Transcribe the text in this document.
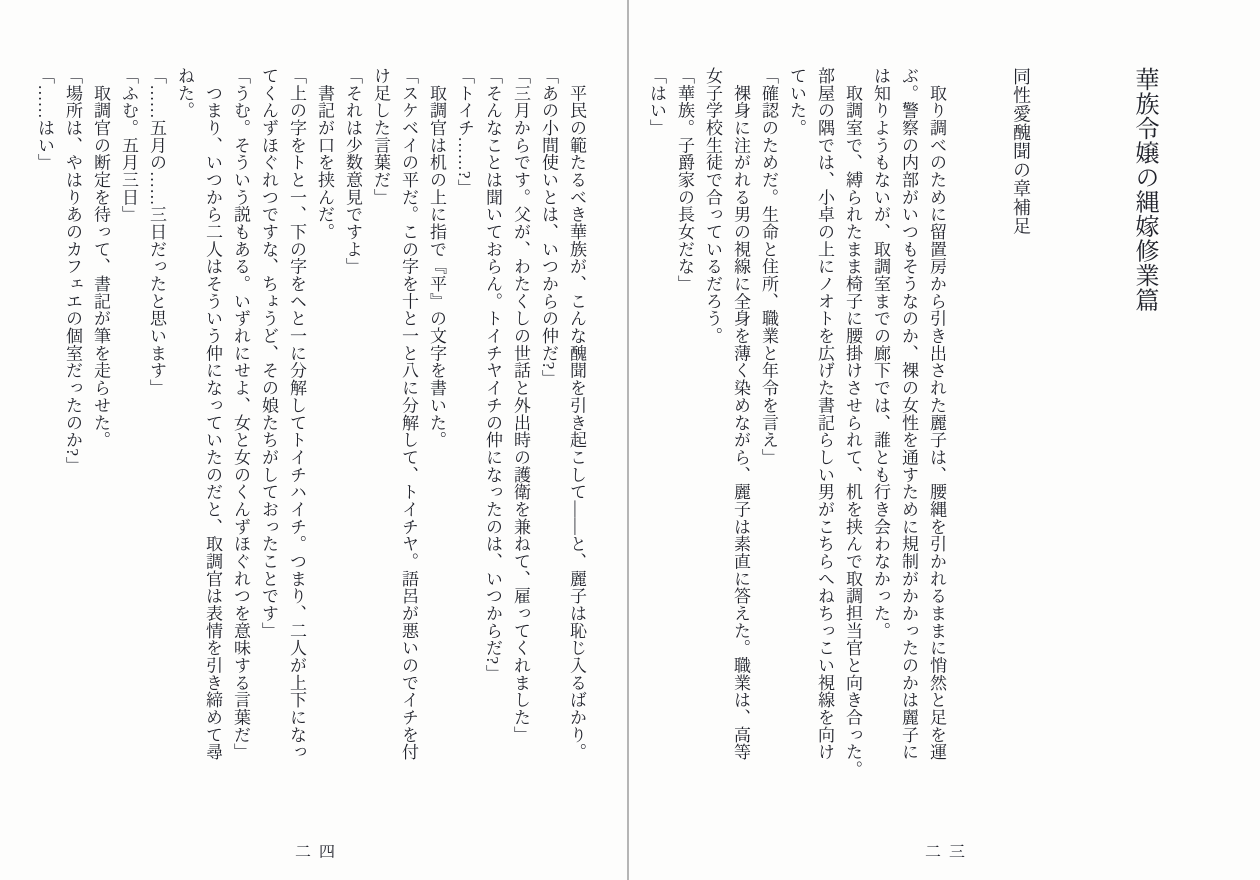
華族令嬢の縄嫁修業篇
同性愛醜聞の章補足
　取り調べのために留置房から引き出された麗子は、腰縄を引かれるままに悄然と足を運
ぶ。警察の内部がいつもそうなのか、裸の女性を通すために規制がかかったのかは麗子に
は知りようもないが、取調室までの廊下では、誰とも行き会わなかった。
　取調室で、縛られたまま椅子に腰掛けさせられて、机を挟んで取調担当官と向き合った。
部屋の隅では、小卓の上にノオトを広げた書記らしい男がこちらへねちっこい視線を向け
ていた。
「確認のためだ。生命と住所、職業と年令を言え」
　裸身に注がれる男の視線に全身を薄く染めながら、麗子は素直に答えた。職業は、高等
女子学校生徒で合っているだろう。
「華族。子爵家の長女だな」
「はい」
二三
　平民の範たるべき華族が、こんな醜聞を引き起こして――と、麗子は恥じ入るばかり。
「あの小間使いとは、いつからの仲だ?」
「三月からです。父が、わたくしの世話と外出時の護衛を兼ねて、雇ってくれました」
「そんなことは聞いておらん。トイチヤイチの仲になったのは、いつからだ?」
「トイチ……?」
　取調官は机の上に指で『平』の文字を書いた。
「スケベイの平だ。この字を十と一と八に分解して、トイチヤ。語呂が悪いのでイチを付
け足した言葉だ」
「それは少数意見ですよ」
　書記が口を挟んだ。
「上の字をトと一、下の字をヘと一に分解してトイチハイチ。つまり、二人が上下になっ
てくんずほぐれつですな、ちょうど、その娘たちがしておったことです」
「うむ。そういう説もある。いずれにせよ、女と女のくんずほぐれつを意味する言葉だ」
　つまり、いつから二人はそういう仲になっていたのだと、取調官は表情を引き締めて尋
ねた。
「……五月の……三日だったと思います」
「ふむ。五月三日」
　取調官の断定を待って、書記が筆を走らせた。
「場所は、やはりあのカフェエの個室だったのか?」
「……はい」
二四
